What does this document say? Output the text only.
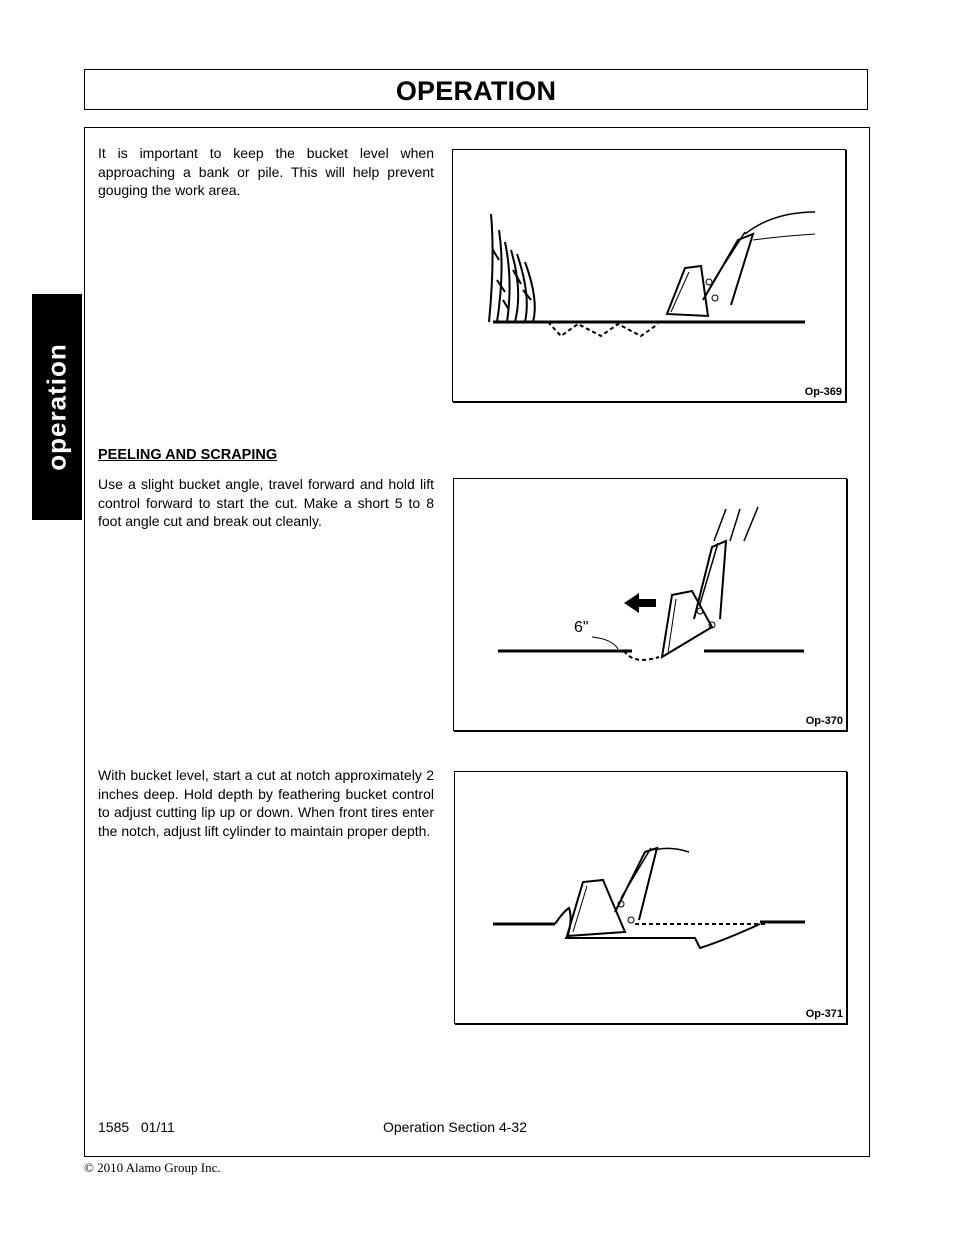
OPERATION
operation

It is important to keep the bucket level when approaching a bank or pile. This will help prevent gouging the work area.

Op-369
PEELING AND SCRAPING

Use a slight bucket angle, travel forward and hold lift control forward to start the cut. Make a short 5 to 8 foot angle cut and break out cleanly.

6"
Op-370

With bucket level, start a cut at notch approximately 2 inches deep. Hold depth by feathering bucket control to adjust cutting lip up or down. When front tires enter the notch, adjust lift cylinder to maintain proper depth.

Op-371
1585   01/11	Operation Section 4-32
© 2010 Alamo Group Inc.
